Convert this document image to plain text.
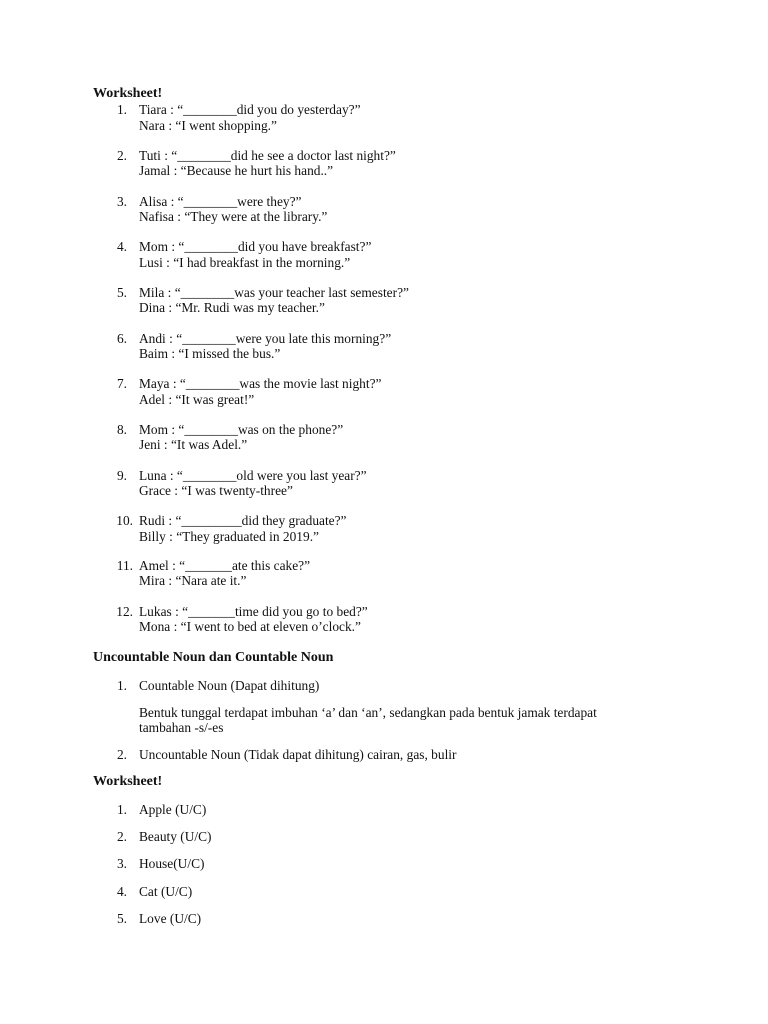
Worksheet!
1. Tiara : “________did you do yesterday?”
Nara : “I went shopping.”
2. Tuti : “________did he see a doctor last night?”
Jamal : “Because he hurt his hand..”
3. Alisa : “________were they?”
Nafisa : “They were at the library.”
4. Mom : “________did you have breakfast?”
Lusi : “I had breakfast in the morning.”
5. Mila : “________was your teacher last semester?”
Dina : “Mr. Rudi was my teacher.”
6. Andi : “________were you late this morning?”
Baim : “I missed the bus.”
7. Maya : “________was the movie last night?”
Adel : “It was great!”
8. Mom : “________was on the phone?”
Jeni : “It was Adel.”
9. Luna : “________old were you last year?”
Grace : “I was twenty-three”
10. Rudi : “_________did they graduate?”
Billy : “They graduated in 2019.”
11. Amel : “_______ate this cake?”
Mira : “Nara ate it.”
12. Lukas : “_______time did you go to bed?”
Mona : “I went to bed at eleven o’clock.”
Uncountable Noun dan Countable Noun
1. Countable Noun (Dapat dihitung)
Bentuk tunggal terdapat imbuhan ‘a’ dan ‘an’, sedangkan pada bentuk jamak terdapat
tambahan -s/-es
2. Uncountable Noun (Tidak dapat dihitung) cairan, gas, bulir
Worksheet!
1. Apple (U/C)
2. Beauty (U/C)
3. House(U/C)
4. Cat (U/C)
5. Love (U/C)
